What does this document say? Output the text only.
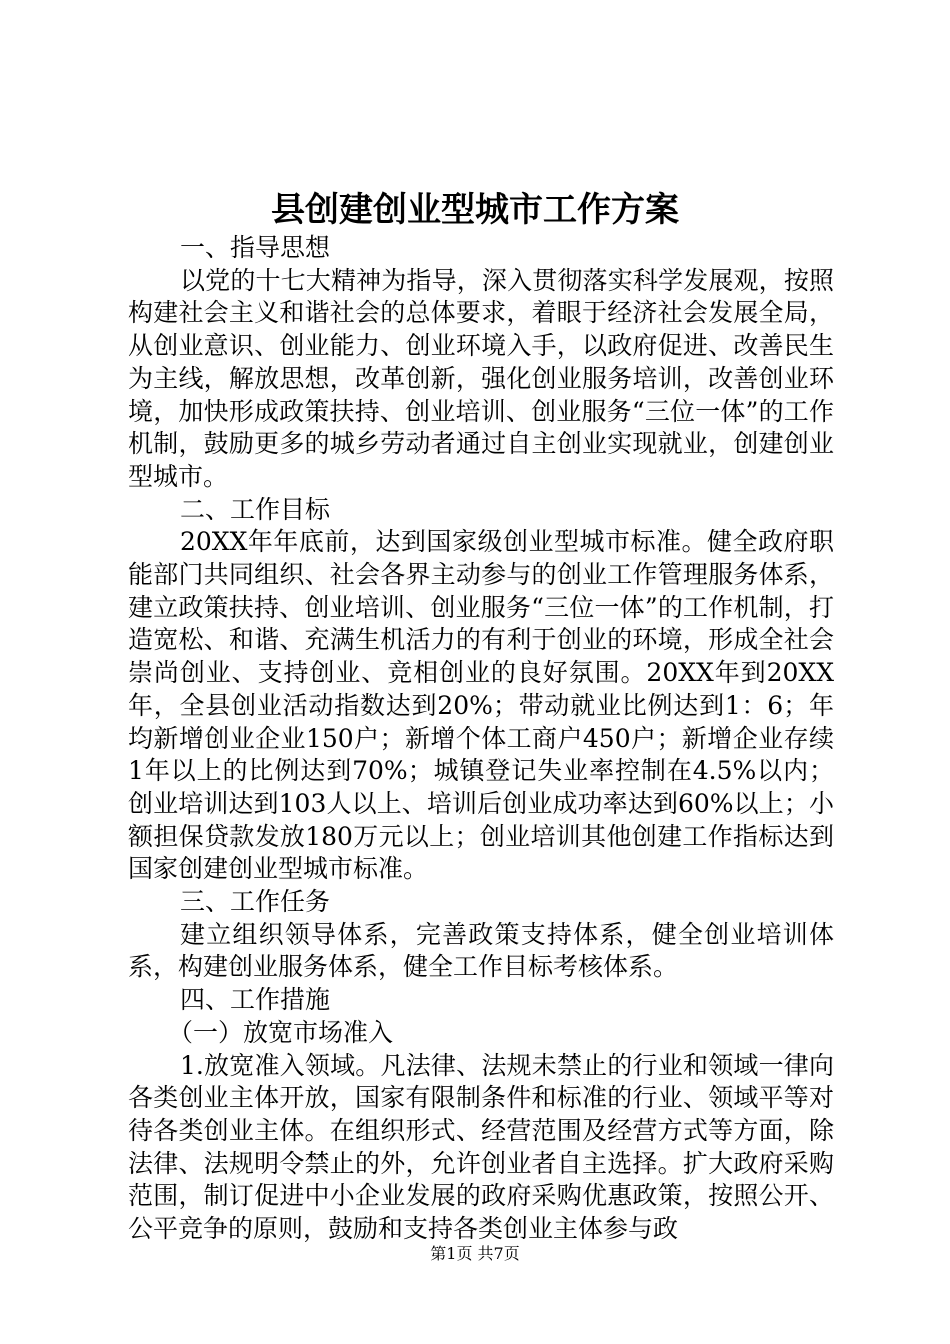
县创建创业型城市工作方案

一、指导思想

以党的十七大精神为指导，深入贯彻落实科学发展观，按照构建社会主义和谐社会的总体要求，着眼于经济社会发展全局，从创业意识、创业能力、创业环境入手，以政府促进、改善民生为主线，解放思想，改革创新，强化创业服务培训，改善创业环境，加快形成政策扶持、创业培训、创业服务“三位一体”的工作机制，鼓励更多的城乡劳动者通过自主创业实现就业，创建创业型城市。

二、工作目标

20XX年年底前，达到国家级创业型城市标准。健全政府职能部门共同组织、社会各界主动参与的创业工作管理服务体系，建立政策扶持、创业培训、创业服务“三位一体”的工作机制，打造宽松、和谐、充满生机活力的有利于创业的环境，形成全社会崇尚创业、支持创业、竞相创业的良好氛围。20XX年到20XX年，全县创业活动指数达到20%；带动就业比例达到1：6；年均新增创业企业150户；新增个体工商户450户；新增企业存续1年以上的比例达到70%；城镇登记失业率控制在4.5%以内；创业培训达到103人以上、培训后创业成功率达到60%以上；小额担保贷款发放180万元以上；创业培训其他创建工作指标达到国家创建创业型城市标准。

三、工作任务

建立组织领导体系，完善政策支持体系，健全创业培训体系，构建创业服务体系，健全工作目标考核体系。

四、工作措施

（一）放宽市场准入

1.放宽准入领域。凡法律、法规未禁止的行业和领域一律向各类创业主体开放，国家有限制条件和标准的行业、领域平等对待各类创业主体。在组织形式、经营范围及经营方式等方面，除法律、法规明令禁止的外，允许创业者自主选择。扩大政府采购范围，制订促进中小企业发展的政府采购优惠政策，按照公开、公平竞争的原则，鼓励和支持各类创业主体参与政

第1页 共7页
